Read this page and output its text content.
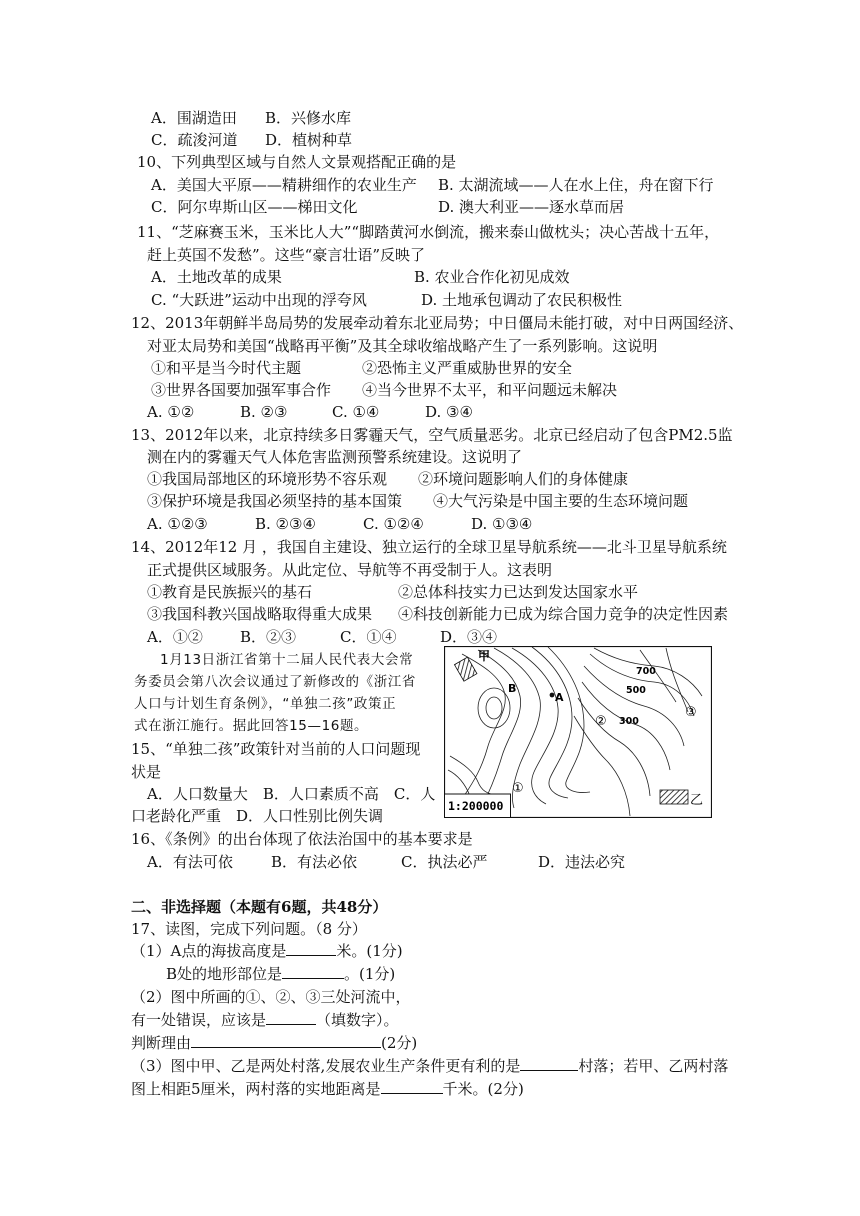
A．围湖造田 B．兴修水库
C．疏浚河道 D．植树种草
10、下列典型区域与自然人文景观搭配正确的是
A．美国大平原——精耕细作的农业生产 B. 太湖流域——人在水上住，舟在窗下行
C．阿尔卑斯山区——梯田文化	D. 澳大利亚——逐水草而居
11、“芝麻赛玉米，玉米比人大”“脚踏黄河水倒流，搬来泰山做枕头；决心苦战十五年，
赶上英国不发愁”。这些“豪言壮语”反映了
A．土地改革的成果	B. 农业合作化初见成效
C. “大跃进”运动中出现的浮夸风	D. 土地承包调动了农民积极性
12、2013年朝鲜半岛局势的发展牵动着东北亚局势；中日僵局未能打破，对中日两国经济、
对亚太局势和美国“战略再平衡”及其全球收缩战略产生了一系列影响。这说明
①和平是当今时代主题	②恐怖主义严重威胁世界的安全
③世界各国要加强军事合作 ④当今世界不太平，和平问题远未解决
A. ①②	B. ②③	C. ①④	D. ③④
13、2012年以来，北京持续多日雾霾天气，空气质量恶劣。北京已经启动了包含PM2.5监
测在内的雾霾天气人体危害监测预警系统建设。这说明了
①我国局部地区的环境形势不容乐观 ②环境问题影响人们的身体健康
③保护环境是我国必须坚持的基本国策 ④大气污染是中国主要的生态环境问题
A. ①②③	B. ②③④	C. ①②④	D. ①③④
14、2012年12 月 ，我国自主建设、独立运行的全球卫星导航系统——北斗卫星导航系统
正式提供区域服务。从此定位、导航等不再受制于人。这表明
①教育是民族振兴的基石	②总体科技实力已达到发达国家水平
③我国科教兴国战略取得重大成果 ④科技创新能力已成为综合国力竞争的决定性因素
A．①② B．②③	C．①④	D．③④
1月13日浙江省第十二届人民代表大会常
务委员会第八次会议通过了新修改的《浙江省
人口与计划生育条例》，“单独二孩”政策正
式在浙江施行。据此回答15—16题。
15、“单独二孩”政策针对当前的人口问题现
状是
A．人口数量大　B．人口素质不高　C．人
口老龄化严重　D．人口性别比例失调
16、《条例》的出台体现了依法治国中的基本要求是
A．有法可依	B．有法必依	C．执法必严	D．违法必究
二、非选择题（本题有6题，共48分）
17、读图，完成下列问题。（8 分）
（1）A点的海拔高度是	米。(1分)
B处的地形部位是	。(1分)
（2）图中所画的①、②、③三处河流中，
有一处错误，应该是	（填数字）。
判断理由	(2分)
（3）图中甲、乙是两处村落,发展农业生产条件更有利的是	村落；若甲、乙两村落
图上相距5厘米，两村落的实地距离是	千米。(2分)
A
B
甲
乙
700
500
300
①
②
③
1:200000
